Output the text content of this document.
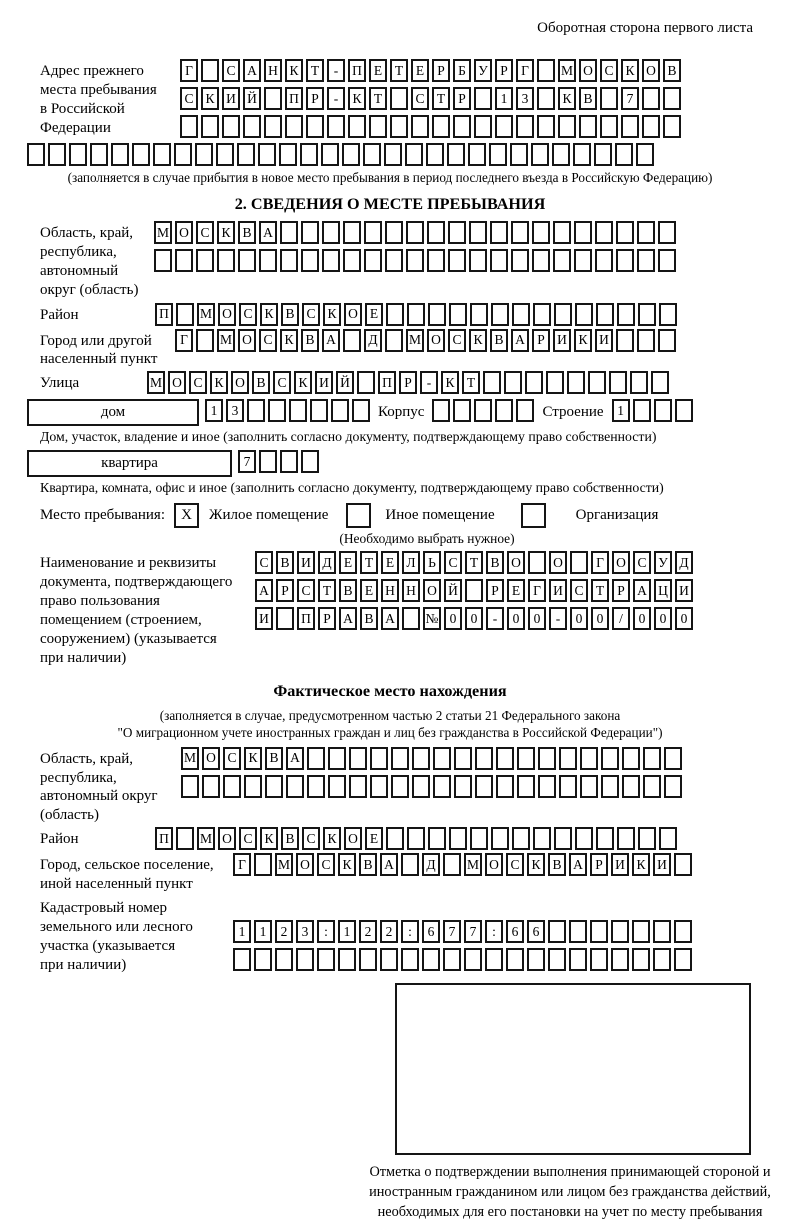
Оборотная сторона первого листа
Адрес прежнего
места пребывания
в Российской
Федерации
Г	С А Н К Т	-	П Е Т Е Р Б У Р Г	М О С К О В
С К И Й	П Р	-	К Т	С Т Р	1	3	К В	7
(заполняется в случае прибытия в новое место пребывания в период последнего въезда в Российскую Федерацию)
2. СВЕДЕНИЯ О МЕСТЕ ПРЕБЫВАНИЯ
Область, край,
республика,
автономный
округ (область)
М О С К В А
Район	П	М О С К В С К О Е
Город или другой
населенный пункт
Г	М О С К В А	Д	М О С К В А Р И К И
Улица	М О С К О В С К И Й	П Р	-	К Т
дом	1	3	Корпус	Строение	1
Дом, участок, владение и иное (заполнить согласно документу, подтверждающему право собственности)
квартира	7
Квартира, комната, офис и иное (заполнить согласно документу, подтверждающему право собственности)
Место пребывания:	X	Жилое помещение	Иное помещение	Организация
(Необходимо выбрать нужное)
Наименование и реквизиты
документа, подтверждающего
право пользования
помещением (строением,
сооружением) (указывается
при наличии)
С В И Д Е Т Е Л Ь С Т В О	О	Г О С У Д
А Р С Т В Е Н Н О Й	Р Е Г И С Т Р А Ц И
И	П Р А В А	№ 0	0	-	0	0	-	0	0	/	0	0	0
Фактическое место нахождения
(заполняется в случае, предусмотренном частью 2 статьи 21 Федерального закона
"О миграционном учете иностранных граждан и лиц без гражданства в Российской Федерации")
Область, край,
республика,
автономный округ
(область)
М О С К В А
Район	П	М О С К В С К О Е
Город, сельское поселение,
иной населенный пункт
Г	М О С К В А	Д	М О С К В А Р И К И
Кадастровый номер
земельного или лесного
участка (указывается
при наличии)
1	1	2	3	:	1	2	2	:	6	7	7	:	6	6
Отметка о подтверждении выполнения принимающей стороной и иностранным гражданином или лицом без гражданства действий, необходимых для его постановки на учет по месту пребывания
